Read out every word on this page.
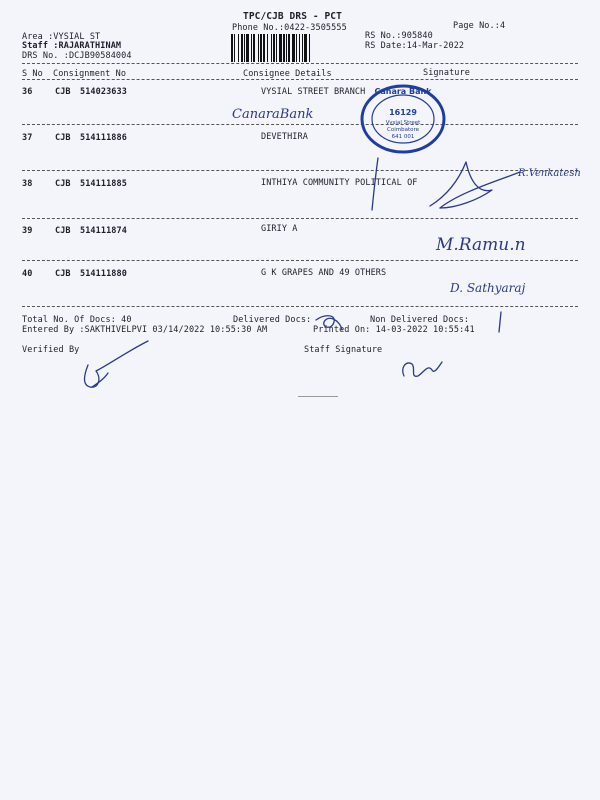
TPC/CJB DRS - PCT
Phone No.:0422-3505555	Page No.:4
Area :VYSIAL ST
Staff :RAJARATHINAM
DRS No. :DCJB90584004
RS No.:905840
RS Date:14-Mar-2022
S No Consignment No	Consignee Details	Signature
36	CJB 514023633	VYSIAL STREET BRANCH
37	CJB 514111886	DEVETHIRA
38	CJB 514111885	INTHIYA COMMUNITY POLITICAL OF
39	CJB 514111874	GIRIY A
40	CJB 514111880	G K GRAPES AND 49 OTHERS
Total No. Of Docs: 40	Delivered Docs:	Non Delivered Docs:
Entered By :SAKTHIVELPVI 03/14/2022 10:55:30 AM	Printed On: 14-03-2022 10:55:41
Verified By	Staff Signature
CanaraBank
R.Venkatesh
M.Ramu.n
D. Sathyaraj
Canara Bank
16129
Vysial Street
Coimbatore
641 001
